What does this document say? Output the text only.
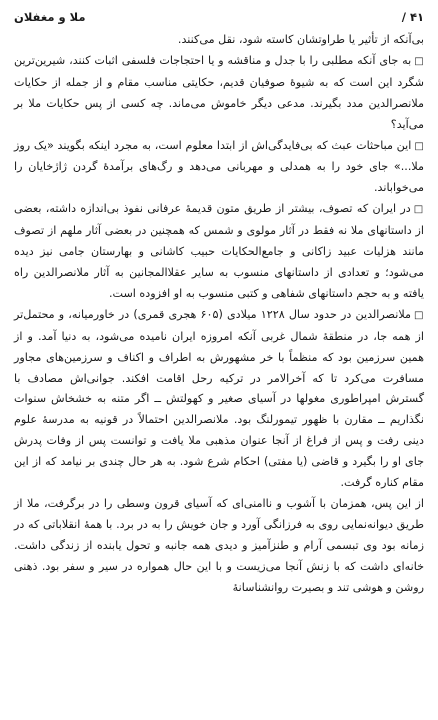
/ ۴۱
ملا و مغفلان

بی‌آنکه از تأثیر یا طراوتشان کاسته شود، نقل می‌کنند.

□ به جای آنکه مطلبی را با جدل و مناقشه و یا احتجاجات فلسفی اثبات کنند، شیرین‌ترین شگرد این است که به شیوهٔ صوفیان قدیم، حکایتی مناسب مقام و از جمله از حکایات ملانصرالدین مدد بگیرند. مدعی دیگر خاموش می‌ماند. چه کسی از پس حکایات ملا بر می‌آید؟

□ این مباحثات عبث که بی‌فایدگی‌اش از ابتدا معلوم است، به مجرد اینکه بگویند «یک روز ملا...» جای خود را به همدلی و مهربانی می‌دهد و رگ‌های برآمدهٔ گردن ژاژخایان را می‌خواباند.

□ در ایران که تصوف، بیشتر از طریق متون قدیمهٔ عرفانی نفوذ بی‌اندازه داشته، بعضی از داستانهای ملا نه فقط در آثار مولوی و شمس که همچنین در بعضی آثار ملهم از تصوف مانند هزلیات عبید زاکانی و جامع‌الحکایات حبیب کاشانی و بهارستان جامی نیز دیده می‌شود؛ و تعدادی از داستانهای منسوب به سایر عقلا‌المجانین به آثار ملانصرالدین راه یافته و به حجم داستانهای شفاهی و کتبی منسوب به او افزوده است.

□ ملانصرالدین در حدود سال ۱۲۲۸ میلادی (۶۰۵ هجری قمری) در خاورمیانه، و محتمل‌تر از همه جا، در منطقهٔ شمال غربی آنکه امروزه ایران نامیده می‌شود، به دنیا آمد. و از همین سرزمین بود که منظماً با خر مشهورش به اطراف و اکناف و سرزمین‌های مجاور مسافرت می‌کرد تا که آخرالامر در ترکیه رحل اقامت افکند. جوانی‌اش مصادف با گسترش امپراطوری مغولها در آسیای صغیر و کهولتش ــ اگر متنه به خشخاش سنوات نگذاریم ــ مقارن با ظهور تیمورلنگ بود. ملانصرالدین احتمالاً در قونیه به مدرسهٔ علوم دینی رفت و پس از فراغ از آنجا عنوان مذهبی ملا یافت و توانست پس از وفات پدرش جای او را بگیرد و قاضی (یا مفتی) احکام شرع شود. به هر حال چندی بر نیامد که از این مقام کناره گرفت.

از این پس، همزمان با آشوب و ناامنی‌ای که آسیای قرون وسطی را در برگرفت، ملا از طریق دیوانه‌نمایی روی به فرزانگی آورد و جان خویش را به در برد. با همهٔ انقلاباتی که در زمانه بود وی تبسمی آرام و طنزآمیز و دیدی همه جانبه و تحول یابنده از زندگی داشت. خانه‌ای داشت که با زنش آنجا می‌زیست و با این حال همواره در سیر و سفر بود. ذهنی روشن و هوشی تند و بصیرت روانشناسانهٔ
